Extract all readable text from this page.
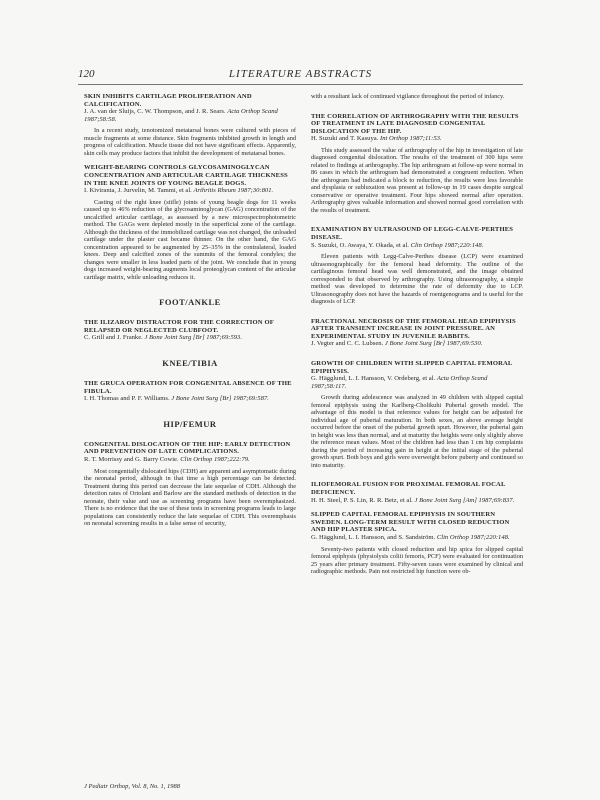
120	LITERATURE ABSTRACTS
SKIN INHIBITS CARTILAGE PROLIFERATION AND CALCIFICATION.
J. A. van der Sluijs, C. W. Thompson, and J. R. Sears. Acta Orthop Scand 1987;58:58.
In a recent study, tenotomized metatarsal bones were cultured with pieces of muscle fragments at some distance. Skin fragments inhibited growth in length and progress of calcification. Muscle tissue did not have significant effects. Apparently, skin cells may produce factors that inhibit the development of metatarsal bones.
WEIGHT-BEARING CONTROLS GLYCOSAMINOGLYCAN CONCENTRATION AND ARTICULAR CARTILAGE THICKNESS IN THE KNEE JOINTS OF YOUNG BEAGLE DOGS.
I. Kiviranta, J. Jurvelin, M. Tammi, et al. Arthritis Rheum 1987;30:801.
Casting of the right knee (stifle) joints of young beagle dogs for 11 weeks caused up to 46% reduction of the glycosaminoglycan (GAG) concentration of the uncalcified articular cartilage, as assessed by a new microspectrophotometric method. The GAGs were depleted mostly in the superficial zone of the cartilage. Although the thickness of the immobilized cartilage was not changed, the unloaded cartilage under the plaster cast became thinner. On the other hand, the GAG concentration appeared to be augmented by 25–35% in the contralateral, loaded knees. Deep and calcified zones of the summits of the femoral condyles; the changes were smaller in less loaded parts of the joint. We conclude that in young dogs increased weight-bearing augments local proteoglycan content of the articular cartilage matrix, while unloading reduces it.
FOOT/ANKLE
THE ILIZAROV DISTRACTOR FOR THE CORRECTION OF RELAPSED OR NEGLECTED CLUBFOOT.
C. Grill and J. Franke. J Bone Joint Surg [Br] 1987;69:593.
KNEE/TIBIA
THE GRUCA OPERATION FOR CONGENITAL ABSENCE OF THE FIBULA.
I. H. Thomas and P. F. Williams. J Bone Joint Surg [Br] 1987;69:587.
HIP/FEMUR
CONGENITAL DISLOCATION OF THE HIP: EARLY DETECTION AND PREVENTION OF LATE COMPLICATIONS.
R. T. Morrissy and G. Barry Cowie. Clin Orthop 1987;222:79.
Most congenitally dislocated hips (CDH) are apparent and asymptomatic during the neonatal period, although in that time a high percentage can be detected. Treatment during this period can decrease the late sequelae of CDH. Although the detection rates of Ortolani and Barlow are the standard methods of detection in the neonate, their value and use as screening programs have been overemphasized. There is no evidence that the use of these tests in screening programs leads to large populations can consistently reduce the late sequelae of CDH. This overemphasis on neonatal screening results in a false sense of security,
with a resultant lack of continued vigilance throughout the period of infancy.
THE CORRELATION OF ARTHROGRAPHY WITH THE RESULTS OF TREATMENT IN LATE DIAGNOSED CONGENITAL DISLOCATION OF THE HIP.
H. Suzuki and T. Kasuya. Int Orthop 1987;11:53.
This study assessed the value of arthrography of the hip in investigation of late diagnosed congenital dislocation. The results of the treatment of 300 hips were related to findings at arthrography. The hip arthrogram at follow-up were normal in 86 cases in which the arthrogram had demonstrated a congruent reduction. When the arthrogram had indicated a block to reduction, the results were less favorable and dysplasia or subluxation was present at follow-up in 19 cases despite surgical conservative or operative treatment. Four hips showed normal after operation. Arthrography gives valuable information and showed normal good correlation with the results of treatment.
EXAMINATION BY ULTRASOUND OF LEGG-CALVE-PERTHES DISEASE.
S. Suzuki, O. Awaya, Y. Okada, et al. Clin Orthop 1987;220:148.
Eleven patients with Legg-Calve-Perthes disease (LCP) were examined ultrasonographically for the femoral head deformity. The outline of the cartilaginous femoral head was well demonstrated, and the image obtained corresponded to that observed by arthrography. Using ultrasonography, a simple method was developed to determine the rate of deformity due to LCP. Ultrasonography does not have the hazards of roentgenograms and is useful for the diagnosis of LCP.
FRACTIONAL NECROSIS OF THE FEMORAL HEAD EPIPHYSIS AFTER TRANSIENT INCREASE IN JOINT PRESSURE. AN EXPERIMENTAL STUDY IN JUVENILE RABBITS.
J. Vegter and C. C. Lubsen. J Bone Joint Surg [Br] 1987;69:530.
GROWTH OF CHILDREN WITH SLIPPED CAPITAL FEMORAL EPIPHYSIS.
G. Hägglund, L. I. Hansson, V. Ordeberg, et al. Acta Orthop Scand 1987;58:117.
Growth during adolescence was analyzed in 49 children with slipped capital femoral epiphysis using the Karlberg-Cholikuhi Pubertal growth model. The advantage of this model is that reference values for height can be adjusted for individual age of pubertal maturation. In both sexes, an above average height occurred before the onset of the pubertal growth spurt. However, the pubertal gain in height was less than normal, and at maturity the heights were only slightly above the reference mean values. Most of the children had less than 1 cm hip complaints during the period of increasing gain in height at the initial stage of the pubertal growth spurt. Both boys and girls were overweight before puberty and continued so into maturity.
ILIOFEMORAL FUSION FOR PROXIMAL FEMORAL FOCAL DEFICIENCY.
H. H. Steel, P. S. Lin, R. R. Betz, et al. J Bone Joint Surg [Am] 1987;69:837.
SLIPPED CAPITAL FEMORAL EPIPHYSIS IN SOUTHERN SWEDEN. LONG-TERM RESULT WITH CLOSED REDUCTION AND HIP PLASTER SPICA.
G. Hägglund, L. I. Hansson, and S. Sandström. Clin Orthop 1987;220:148.
Seventy-two patients with closed reduction and hip spica for slipped capital femoral epiphysis (physiolysis coliii femoris, PCF) were evaluated for continuation 25 years after primary treatment. Fifty-seven cases were examined by clinical and radiographic methods. Pain not restricted hip function were ob-
J Pediatr Orthop, Vol. 8, No. 1, 1988
